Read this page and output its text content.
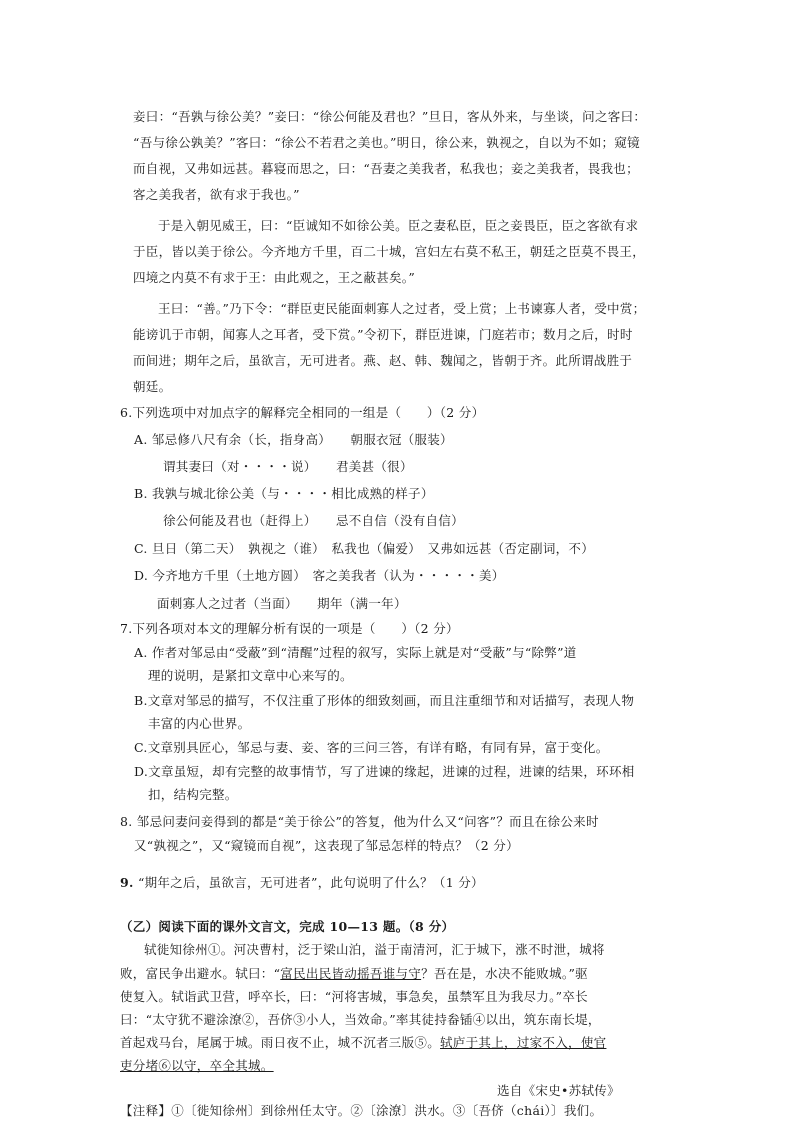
妾曰：“吾孰与徐公美？”妾曰：“徐公何能及君也？”旦日，客从外来，与坐谈，问之客曰：
“吾与徐公孰美？”客曰：“徐公不若君之美也。”明日，徐公来，孰视之，自以为不如；窥镜
而自视，又弗如远甚。暮寝而思之，曰：“吾妻之美我者，私我也；妾之美我者，畏我也；
客之美我者，欲有求于我也。”
于是入朝见威王，曰：“臣诚知不如徐公美。臣之妻私臣，臣之妾畏臣，臣之客欲有求
于臣，皆以美于徐公。今齐地方千里，百二十城，宫妇左右莫不私王，朝廷之臣莫不畏王，
四境之内莫不有求于王：由此观之，王之蔽甚矣。”
王曰：“善。”乃下令：“群臣吏民能面刺寡人之过者，受上赏；上书谏寡人者，受中赏；
能谤讥于市朝，闻寡人之耳者，受下赏。”令初下，群臣进谏，门庭若市；数月之后，时时
而间进；期年之后，虽欲言，无可进者。燕、赵、韩、魏闻之，皆朝于齐。此所谓战胜于
朝廷。
6.下列选项中对加点字的解释完全相同的一组是（　　）（2 分）
A. 邹忌修八尺有余（长，指身高）　　朝服衣冠（服装）
谓其妻曰（对・・・・说）　　君美甚（很）
B. 我孰与城北徐公美（与・・・・相比成熟的样子）
徐公何能及君也（赶得上）　　忌不自信（没有自信）
C. 旦日（第二天）　孰视之（谁）　私我也（偏爱）　又弗如远甚（否定副词，不）
D. 今齐地方千里（土地方圆）　客之美我者（认为・・・・・美）
面刺寡人之过者（当面）　　期年（满一年）
7.下列各项对本文的理解分析有误的一项是（　　）（2 分）
A. 作者对邹忌由“受蔽”到“清醒”过程的叙写，实际上就是对“受蔽”与“除弊”道
理的说明，是紧扣文章中心来写的。
B.文章对邹忌的描写，不仅注重了形体的细致刻画，而且注重细节和对话描写，表现人物
丰富的内心世界。
C.文章别具匠心，邹忌与妻、妾、客的三问三答，有详有略，有同有异，富于变化。
D.文章虽短，却有完整的故事情节，写了进谏的缘起，进谏的过程，进谏的结果，环环相
扣，结构完整。
8. 邹忌问妻问妾得到的都是“美于徐公”的答复，他为什么又“问客”？而且在徐公来时
又“孰视之”，又“窥镜而自视”，这表现了邹忌怎样的特点？（2 分）
9. “期年之后，虽欲言，无可进者”，此句说明了什么？（1 分）
（乙）阅读下面的课外文言文，完成 10—13 题。（8 分）
轼徙知徐州①。河决曹村，泛于梁山泊，溢于南清河，汇于城下，涨不时泄，城将
败，富民争出避水。轼曰：“富民出民皆动摇吾谁与守？吾在是，水决不能败城。”驱
使复入。轼诣武卫营，呼卒长，曰：“河将害城，事急矣，虽禁军且为我尽力。”卒长
曰：“太守犹不避涂潦②，吾侪③小人，当效命。”率其徒持畚锸④以出，筑东南长堤，
首起戏马台，尾属于城。雨日夜不止，城不沉者三版⑤。轼庐于其上，过家不入，使官
吏分堵⑥以守，卒全其城。
选自《宋史•苏轼传》
【注释】①〔徙知徐州〕到徐州任太守。②〔涂潦〕洪水。③〔吾侪（chái）〕我们。
